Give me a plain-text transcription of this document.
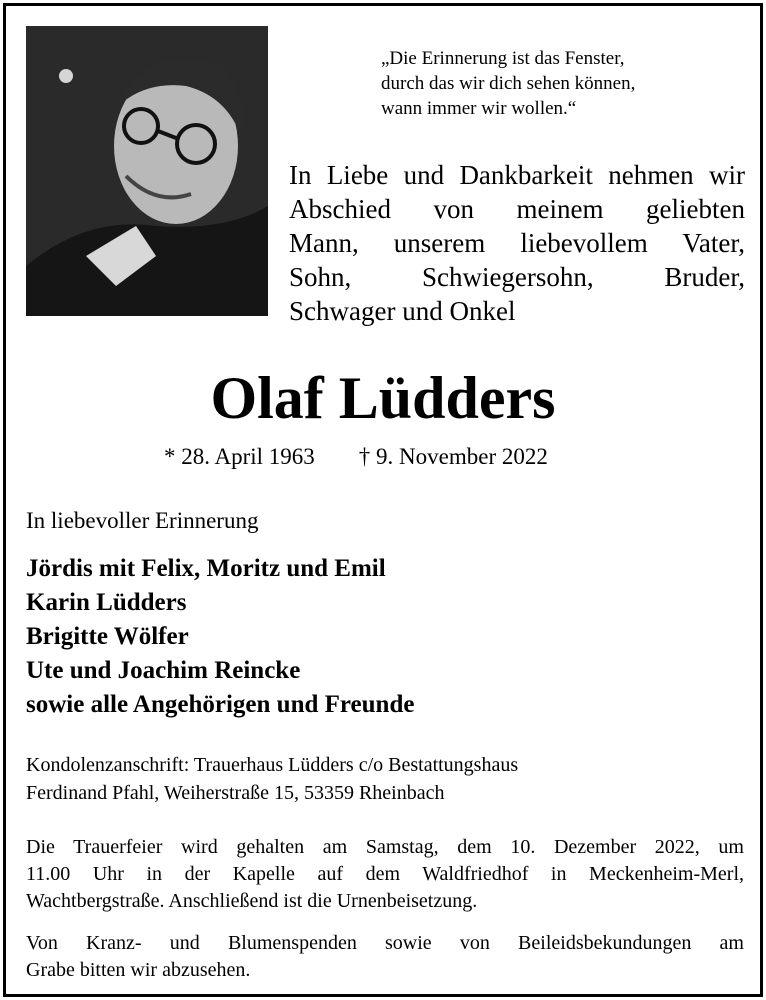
„Die Erinnerung ist das Fenster,
durch das wir dich sehen können,
wann immer wir wollen.“
In Liebe und Dankbarkeit nehmen wir
Abschied von meinem geliebten
Mann, unserem liebevollem Vater,
Sohn, Schwiegersohn, Bruder,
Schwager und Onkel
Olaf Lüdders
* 28. April 1963 † 9. November 2022
In liebevoller Erinnerung
Jördis mit Felix, Moritz und Emil
Karin Lüdders
Brigitte Wölfer
Ute und Joachim Reincke
sowie alle Angehörigen und Freunde
Kondolenzanschrift: Trauerhaus Lüdders c/o Bestattungshaus
Ferdinand Pfahl, Weiherstraße 15, 53359 Rheinbach
Die Trauerfeier wird gehalten am Samstag, dem 10. Dezember 2022, um
11.00 Uhr in der Kapelle auf dem Waldfriedhof in Meckenheim-Merl,
Wachtbergstraße. Anschließend ist die Urnenbeisetzung.
Von Kranz- und Blumenspenden sowie von Beileidsbekundungen am
Grabe bitten wir abzusehen.
